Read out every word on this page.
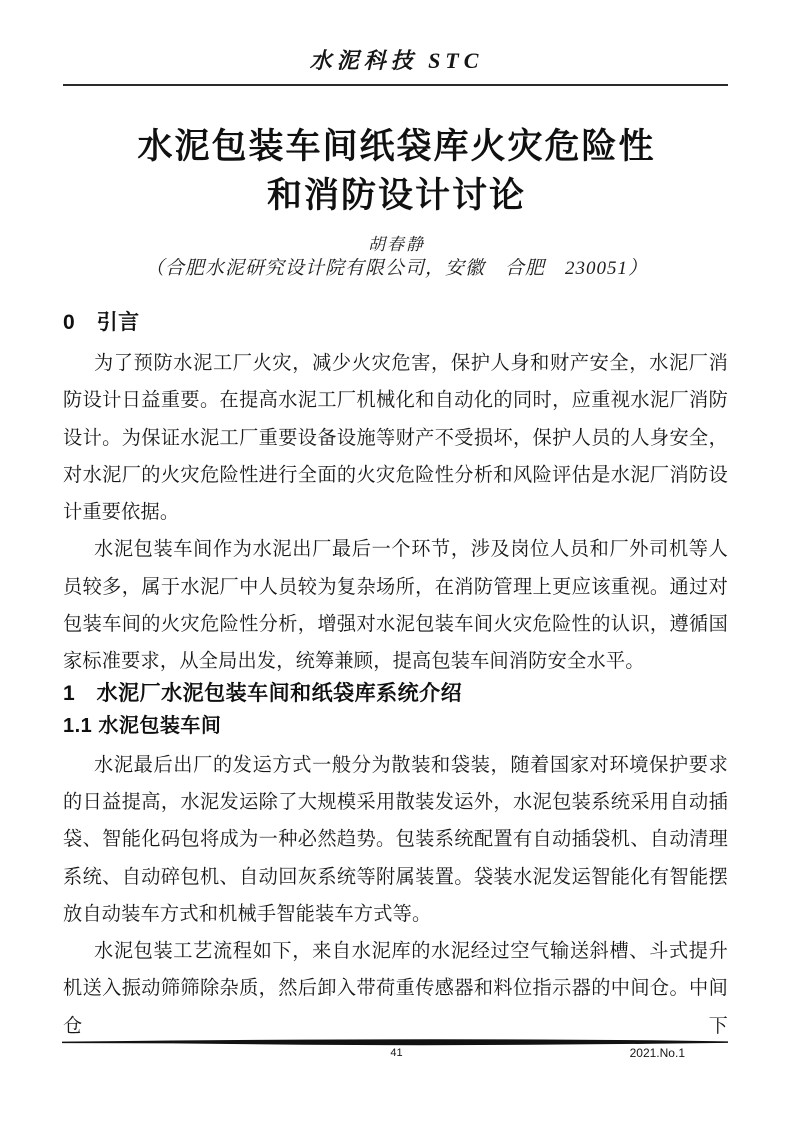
水泥科技 STC
水泥包装车间纸袋库火灾危险性
和消防设计讨论
胡春静
（合肥水泥研究设计院有限公司，安徽　合肥　230051）
0　引言

为了预防水泥工厂火灾，减少火灾危害，保护人身和财产安全，水泥厂消防设计日益重要。在提高水泥工厂机械化和自动化的同时，应重视水泥厂消防设计。为保证水泥工厂重要设备设施等财产不受损坏，保护人员的人身安全，对水泥厂的火灾危险性进行全面的火灾危险性分析和风险评估是水泥厂消防设计重要依据。

水泥包装车间作为水泥出厂最后一个环节，涉及岗位人员和厂外司机等人员较多，属于水泥厂中人员较为复杂场所，在消防管理上更应该重视。通过对包装车间的火灾危险性分析，增强对水泥包装车间火灾危险性的认识，遵循国家标准要求，从全局出发，统筹兼顾，提高包装车间消防安全水平。

1　水泥厂水泥包装车间和纸袋库系统介绍
1.1 水泥包装车间

水泥最后出厂的发运方式一般分为散装和袋装，随着国家对环境保护要求的日益提高，水泥发运除了大规模采用散装发运外，水泥包装系统采用自动插袋、智能化码包将成为一种必然趋势。包装系统配置有自动插袋机、自动清理系统、自动碎包机、自动回灰系统等附属装置。袋装水泥发运智能化有智能摆放自动装车方式和机械手智能装车方式等。

水泥包装工艺流程如下，来自水泥库的水泥经过空气输送斜槽、斗式提升机送入振动筛筛除杂质，然后卸入带荷重传感器和料位指示器的中间仓。中间仓下

41	2021.No.1
